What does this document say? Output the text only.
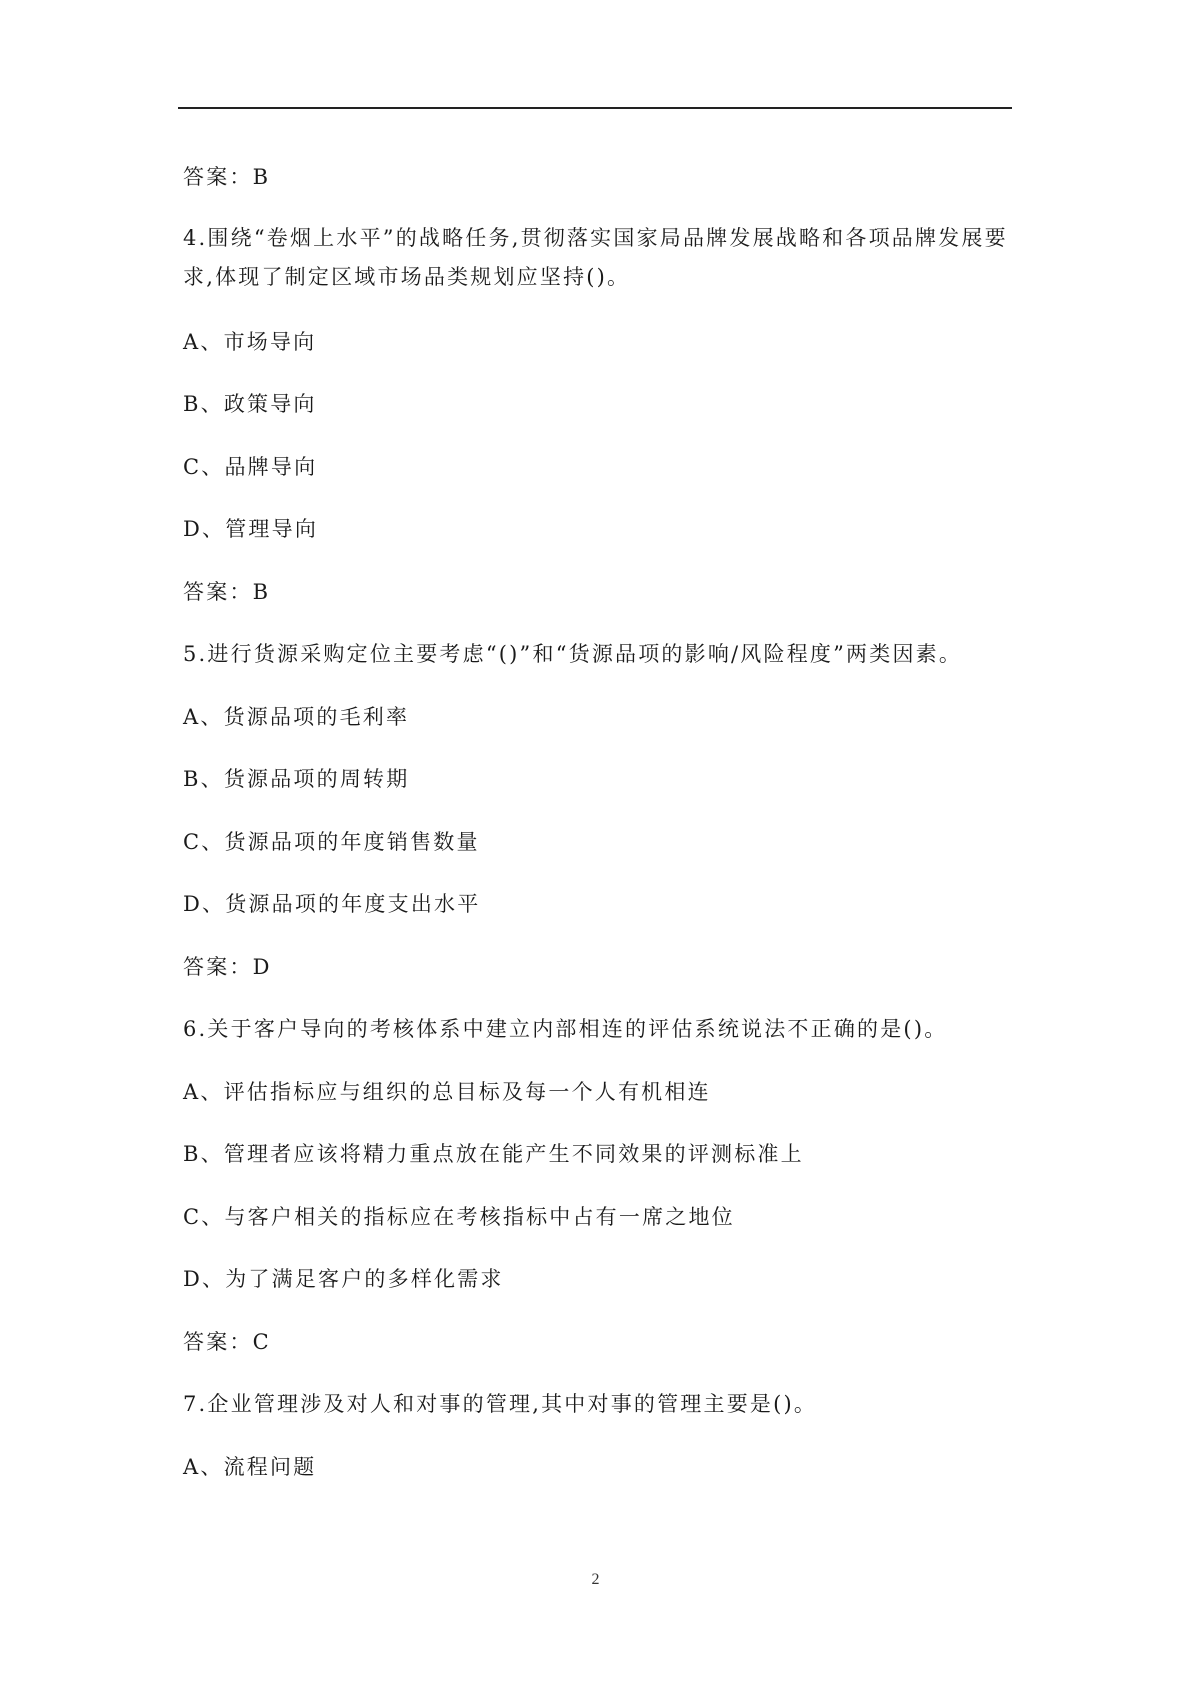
答案：B
4.围绕“卷烟上水平”的战略任务,贯彻落实国家局品牌发展战略和各项品牌发展要求,体现了制定区域市场品类规划应坚持()。
A、市场导向
B、政策导向
C、品牌导向
D、管理导向
答案：B
5.进行货源采购定位主要考虑“()”和“货源品项的影响/风险程度”两类因素。
A、货源品项的毛利率
B、货源品项的周转期
C、货源品项的年度销售数量
D、货源品项的年度支出水平
答案：D
6.关于客户导向的考核体系中建立内部相连的评估系统说法不正确的是()。
A、评估指标应与组织的总目标及每一个人有机相连
B、管理者应该将精力重点放在能产生不同效果的评测标准上
C、与客户相关的指标应在考核指标中占有一席之地位
D、为了满足客户的多样化需求
答案：C
7.企业管理涉及对人和对事的管理,其中对事的管理主要是()。
A、流程问题
2
